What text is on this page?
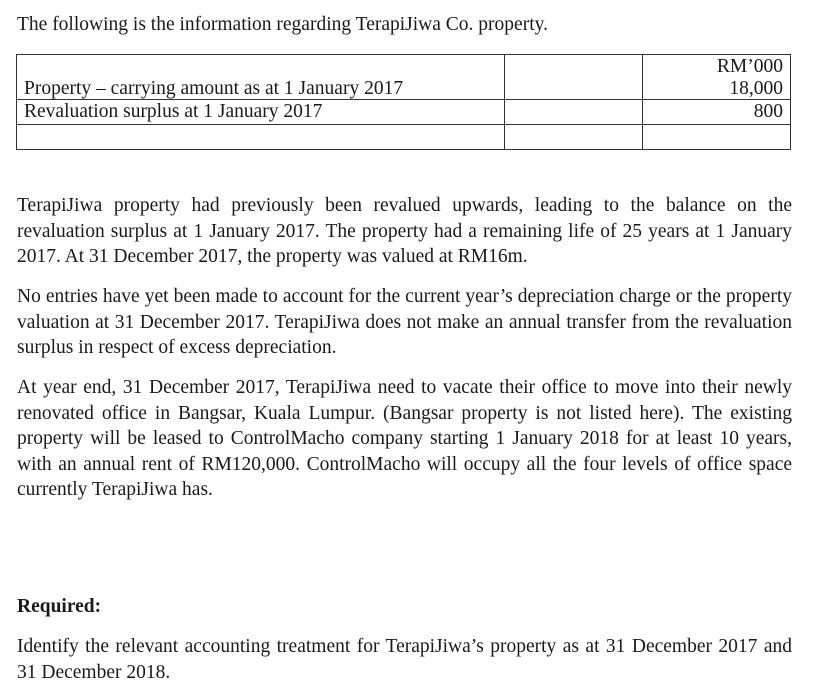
The following is the information regarding TerapiJiwa Co. property.
		RM’000
Property – carrying amount as at 1 January 2017		18,000
Revaluation surplus at 1 January 2017		800

TerapiJiwa property had previously been revalued upwards, leading to the balance on the revaluation surplus at 1 January 2017. The property had a remaining life of 25 years at 1 January 2017. At 31 December 2017, the property was valued at RM16m.

No entries have yet been made to account for the current year’s depreciation charge or the property valuation at 31 December 2017. TerapiJiwa does not make an annual transfer from the revaluation surplus in respect of excess depreciation.

At year end, 31 December 2017, TerapiJiwa need to vacate their office to move into their newly renovated office in Bangsar, Kuala Lumpur. (Bangsar property is not listed here). The existing property will be leased to ControlMacho company starting 1 January 2018 for at least 10 years, with an annual rent of RM120,000. ControlMacho will occupy all the four levels of office space currently TerapiJiwa has.

Required:

Identify the relevant accounting treatment for TerapiJiwa’s property as at 31 December 2017 and 31 December 2018.
